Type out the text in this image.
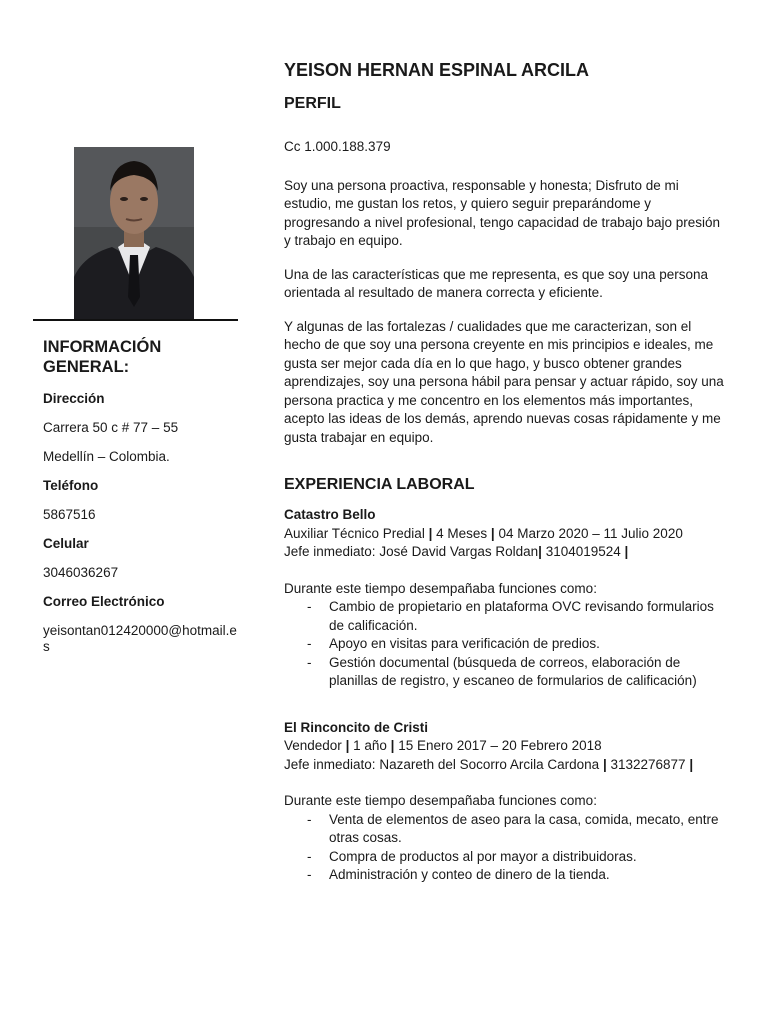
INFORMACIÓN GENERAL:

Dirección

Carrera 50 c # 77 – 55

Medellín – Colombia.

Teléfono

5867516

Celular

3046036267

Correo Electrónico

yeisontan012420000@hotmail.es

YEISON HERNAN ESPINAL ARCILA

PERFIL

Cc 1.000.188.379

Soy una persona proactiva, responsable y honesta; Disfruto de mi estudio, me gustan los retos, y quiero seguir preparándome y progresando a nivel profesional, tengo capacidad de trabajo bajo presión y trabajo en equipo.

Una de las características que me representa, es que soy una persona orientada al resultado de manera correcta y eficiente.

Y algunas de las fortalezas / cualidades que me caracterizan, son el hecho de que soy una persona creyente en mis principios e ideales, me gusta ser mejor cada día en lo que hago, y busco obtener grandes aprendizajes, soy una persona hábil para pensar y actuar rápido, soy una persona practica y me concentro en los elementos más importantes, acepto las ideas de los demás, aprendo nuevas cosas rápidamente y me gusta trabajar en equipo.

EXPERIENCIA LABORAL

Catastro Bello

Auxiliar Técnico Predial | 4 Meses | 04 Marzo 2020 – 11 Julio 2020

Jefe inmediato: José David Vargas Roldan| 3104019524 |

Durante este tiempo desempañaba funciones como:

- Cambio de propietario en plataforma OVC revisando formularios de calificación.
- Apoyo en visitas para verificación de predios.
- Gestión documental (búsqueda de correos, elaboración de planillas de registro, y escaneo de formularios de calificación)

El Rinconcito de Cristi

Vendedor | 1 año | 15 Enero 2017 – 20 Febrero 2018

Jefe inmediato: Nazareth del Socorro Arcila Cardona | 3132276877 |

Durante este tiempo desempañaba funciones como:

- Venta de elementos de aseo para la casa, comida, mecato, entre otras cosas.
- Compra de productos al por mayor a distribuidoras.
- Administración y conteo de dinero de la tienda.
